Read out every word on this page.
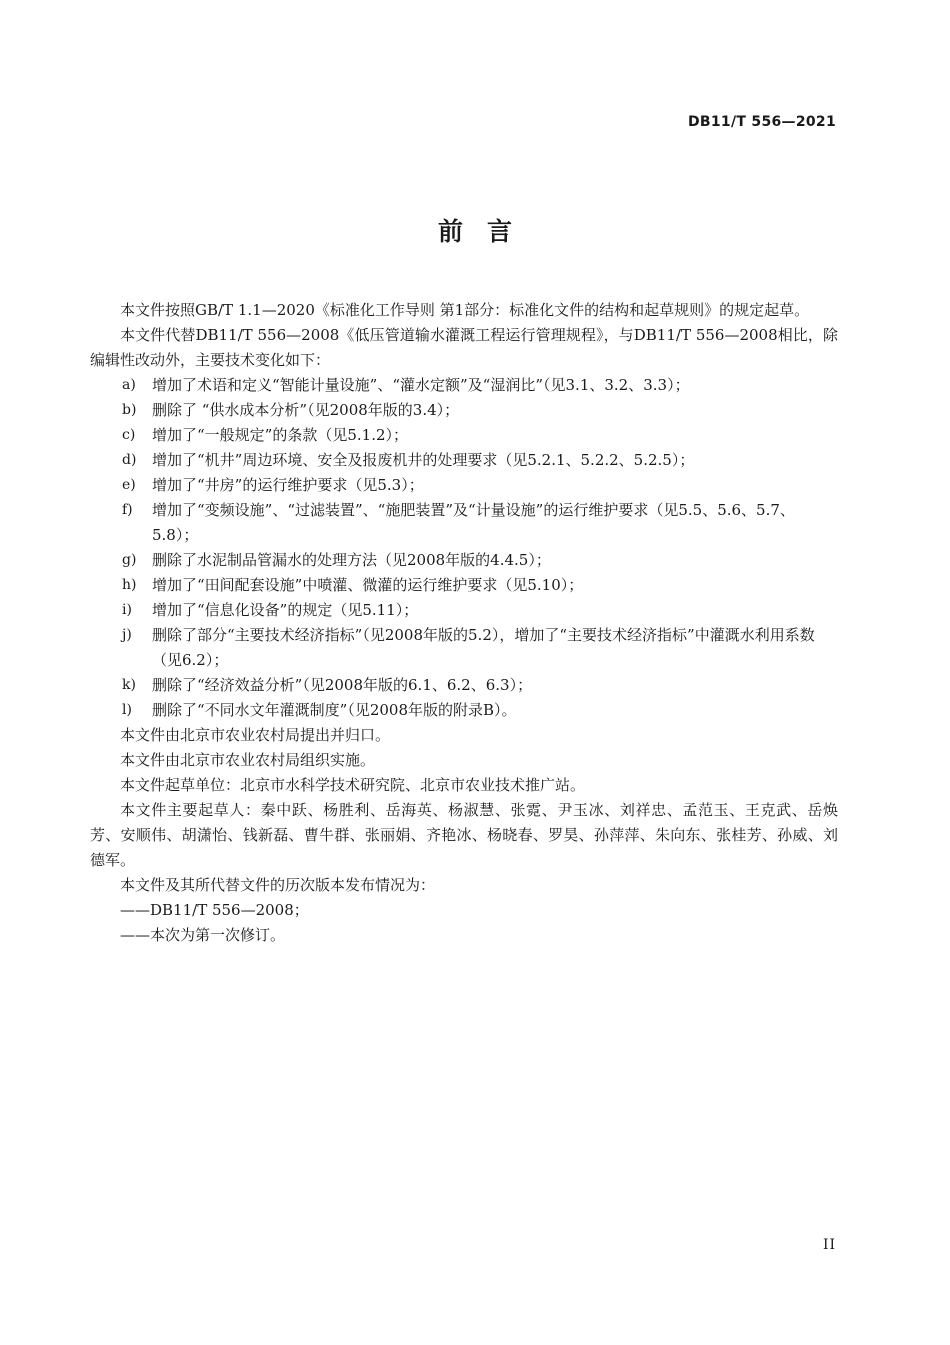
DB11/T 556—2021
前言

本文件按照GB/T 1.1—2020《标准化工作导则 第1部分：标准化文件的结构和起草规则》的规定起草。

本文件代替DB11/T 556—2008《低压管道输水灌溉工程运行管理规程》，与DB11/T 556—2008相比，除编辑性改动外，主要技术变化如下：

a) 增加了术语和定义“智能计量设施”、“灌水定额”及“湿润比”（见3.1、3.2、3.3）；

b) 删除了 “供水成本分析”（见2008年版的3.4）；

c) 增加了“一般规定”的条款（见5.1.2）；

d) 增加了“机井”周边环境、安全及报废机井的处理要求（见5.2.1、5.2.2、5.2.5）；

e) 增加了“井房”的运行维护要求（见5.3）；

f) 增加了“变频设施”、“过滤装置”、“施肥装置”及“计量设施”的运行维护要求（见5.5、5.6、5.7、5.8）；

g) 删除了水泥制品管漏水的处理方法（见2008年版的4.4.5）；

h) 增加了“田间配套设施”中喷灌、微灌的运行维护要求（见5.10）；

i) 增加了“信息化设备”的规定（见5.11）；

j) 删除了部分“主要技术经济指标”（见2008年版的5.2），增加了“主要技术经济指标”中灌溉水利用系数（见6.2）；

k) 删除了“经济效益分析”（见2008年版的6.1、6.2、6.3）；

l) 删除了“不同水文年灌溉制度”（见2008年版的附录B）。

本文件由北京市农业农村局提出并归口。

本文件由北京市农业农村局组织实施。

本文件起草单位：北京市水科学技术研究院、北京市农业技术推广站。

本文件主要起草人：秦中跃、杨胜利、岳海英、杨淑慧、张霓、尹玉冰、刘祥忠、孟范玉、王克武、岳焕芳、安顺伟、胡潇怡、钱新磊、曹牛群、张丽娟、齐艳冰、杨晓春、罗昊、孙萍萍、朱向东、张桂芳、孙威、刘德军。

本文件及其所代替文件的历次版本发布情况为：

——DB11/T 556—2008；

——本次为第一次修订。

II
